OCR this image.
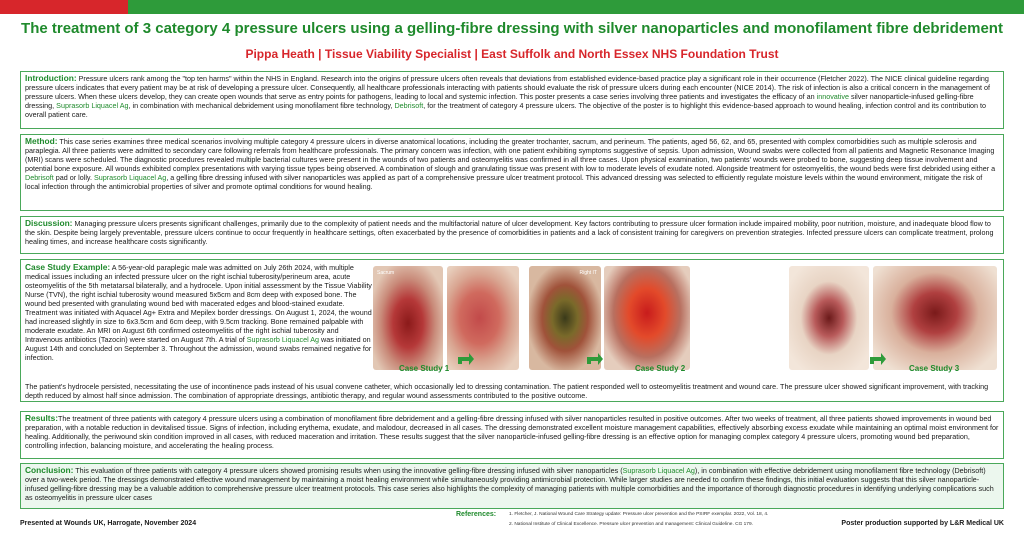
The treatment of 3 category 4 pressure ulcers using a gelling-fibre dressing with silver nanoparticles and monofilament fibre debridement
Pippa Heath | Tissue Viability Specialist | East Suffolk and North Essex NHS Foundation Trust

Introduction: Pressure ulcers rank among the "top ten harms" within the NHS in England. Research into the origins of pressure ulcers often reveals that deviations from established evidence-based practice play a significant role in their occurrence (Fletcher 2022). The NICE clinical guideline regarding pressure ulcers indicates that every patient may be at risk of developing a pressure ulcer. Consequently, all healthcare professionals interacting with patients should evaluate the risk of pressure ulcers during each encounter (NICE 2014). The risk of infection is also a critical concern in the management of pressure ulcers. When these ulcers develop, they can create open wounds that serve as entry points for pathogens, leading to local and systemic infection. This poster presents a case series involving three patients and investigates the efficacy of an innovative silver nanoparticle-infused gelling-fibre dressing, Suprasorb Liquacel Ag, in combination with mechanical debridement using monofilament fibre technology, Debrisoft, for the treatment of category 4 pressure ulcers. The objective of the poster is to highlight this evidence-based approach to wound healing, infection control and its contribution to overall patient care.

Method: This case series examines three medical scenarios involving multiple category 4 pressure ulcers in diverse anatomical locations, including the greater trochanter, sacrum, and perineum. The patients, aged 56, 62, and 65, presented with complex comorbidities such as multiple sclerosis and paraplegia. All three patients were admitted to secondary care following referrals from healthcare professionals. The primary concern was infection, with one patient exhibiting symptoms suggestive of sepsis. Upon admission, Wound swabs were collected from all patients and Magnetic Resonance Imaging (MRI) scans were scheduled. The diagnostic procedures revealed multiple bacterial cultures were present in the wounds of two patients and osteomyelitis was confirmed in all three cases. Upon physical examination, two patients' wounds were probed to bone, suggesting deep tissue involvement and potential bone exposure. All wounds exhibited complex presentations with varying tissue types being observed. A combination of slough and granulating tissue was present with low to moderate levels of exudate noted. Alongside treatment for osteomyelitis, the wound beds were first debrided using either a Debrisoft pad or lolly. Suprasorb Liquacel Ag, a gelling fibre dressing infused with silver nanoparticles was applied as part of a comprehensive pressure ulcer treatment protocol. This advanced dressing was selected to efficiently regulate moisture levels within the wound environment, mitigate the risk of local infection through the antimicrobial properties of silver and promote optimal conditions for wound healing.

Discussion: Managing pressure ulcers presents significant challenges, primarily due to the complexity of patient needs and the multifactorial nature of ulcer development. Key factors contributing to pressure ulcer formation include impaired mobility, poor nutrition, moisture, and inadequate blood flow to the skin. Despite being largely preventable, pressure ulcers continue to occur frequently in healthcare settings, often exacerbated by the presence of comorbidities in patients and a lack of consistent training for caregivers on prevention strategies. Infected pressure ulcers can complicate treatment, prolong healing times, and increase healthcare costs significantly.

Case Study Example: A 56-year-old paraplegic male was admitted on July 26th 2024, with multiple medical issues including an infected pressure ulcer on the right ischial tuberosity/perineum area, acute osteomyelitis of the 5th metatarsal bilaterally, and a hydrocele. Upon initial assessment by the Tissue Viability Nurse (TVN), the right ischial tuberosity wound measured 5x5cm and 8cm deep with exposed bone. The wound bed presented with granulating wound bed with macerated edges and blood-stained exudate. Treatment was initiated with Aquacel Ag+ Extra and Mepilex border dressings. On August 1, 2024, the wound had increased slightly in size to 6x3.5cm and 6cm deep, with 9.5cm tracking. Bone remained palpable with moderate exudate. An MRI on August 6th confirmed osteomyelitis of the right ischial tuberosity and Intravenous antibiotics (Tazocin) were started on August 7th. A trial of Suprasorb Liquacel Ag was initiated on August 14th and concluded on September 3. Throughout the admission, wound swabs remained negative for infection.
Sacrum	Right IT
Case Study 1	Case Study 2	Case Study 3
The patient's hydrocele persisted, necessitating the use of incontinence pads instead of his usual convene catheter, which occasionally led to dressing contamination. The patient responded well to osteomyelitis treatment and wound care. The pressure ulcer showed significant improvement, with tracking depth reduced by almost half since admission. The combination of appropriate dressings, antibiotic therapy, and regular wound assessments contributed to the positive outcome.

Results:The treatment of three patients with category 4 pressure ulcers using a combination of monofilament fibre debridement and a gelling-fibre dressing infused with silver nanoparticles resulted in positive outcomes. After two weeks of treatment, all three patients showed improvements in wound bed preparation, with a notable reduction in devitalised tissue. Signs of infection, including erythema, exudate, and malodour, decreased in all cases. The dressing demonstrated excellent moisture management capabilities, effectively absorbing excess exudate while maintaining an optimal moist environment for healing. Additionally, the periwound skin condition improved in all cases, with reduced maceration and irritation. These results suggest that the silver nanoparticle-infused gelling-fibre dressing is an effective option for managing complex category 4 pressure ulcers, promoting wound bed preparation, controlling infection, balancing moisture, and accelerating the healing process.

Conclusion: This evaluation of three patients with category 4 pressure ulcers showed promising results when using the innovative gelling-fibre dressing infused with silver nanoparticles (Suprasorb Liquacel Ag), in combination with effective debridement using monofilament fibre technology (Debrisoft) over a two-week period. The dressings demonstrated effective wound management by maintaining a moist healing environment while simultaneously providing antimicrobial protection. While larger studies are needed to confirm these findings, this initial evaluation suggests that this silver nanoparticle-infused gelling-fibre dressing may be a valuable addition to comprehensive pressure ulcer treatment protocols. This case series also highlights the complexity of managing patients with multiple comorbidities and the importance of thorough diagnostic procedures in identifying underlying complications such as osteomyelitis in pressure ulcer cases

Presented at Wounds UK, Harrogate, November 2024
References:	1. Fletcher, J. National Wound Care Strategy update: Pressure ulcer prevention and the PSIRF exemplar. 2022, Vol. 18, 4.
2. National Institute of Clinical Excellence. Pressure ulcer prevention and management: Clinical Guideline. CG 179.	Poster production supported by L&R Medical UK
